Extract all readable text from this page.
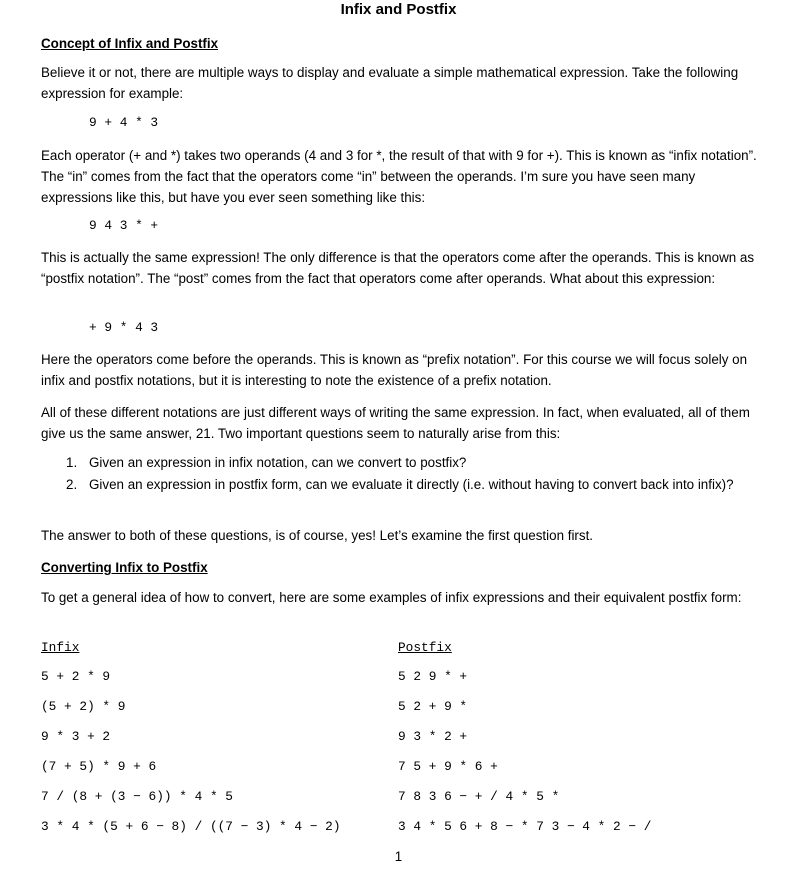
Infix and Postfix
Concept of Infix and Postfix
Believe it or not, there are multiple ways to display and evaluate a simple mathematical expression. Take the following expression for example:
9 + 4 * 3
Each operator (+ and *) takes two operands (4 and 3 for *, the result of that with 9 for +). This is known as “infix notation”. The “in” comes from the fact that the operators come “in” between the operands. I’m sure you have seen many expressions like this, but have you ever seen something like this:
9 4 3 * +
This is actually the same expression! The only difference is that the operators come after the operands. This is known as “postfix notation”. The “post” comes from the fact that operators come after operands. What about this expression:
+ 9 * 4 3
Here the operators come before the operands. This is known as “prefix notation”. For this course we will focus solely on infix and postfix notations, but it is interesting to note the existence of a prefix notation.
All of these different notations are just different ways of writing the same expression. In fact, when evaluated, all of them give us the same answer, 21. Two important questions seem to naturally arise from this:
1. Given an expression in infix notation, can we convert to postfix?
2. Given an expression in postfix form, can we evaluate it directly (i.e. without having to convert back into infix)?
The answer to both of these questions, is of course, yes! Let’s examine the first question first.
Converting Infix to Postfix
To get a general idea of how to convert, here are some examples of infix expressions and their equivalent postfix form:
Infix	Postfix
5 + 2 * 9	5 2 9 * +
(5 + 2) * 9	5 2 + 9 *
9 * 3 + 2	9 3 * 2 +
(7 + 5) * 9 + 6	7 5 + 9 * 6 +
7 / (8 + (3 − 6)) * 4 * 5	7 8 3 6 − + / 4 * 5 *
3 * 4 * (5 + 6 − 8) / ((7 − 3) * 4 − 2)	3 4 * 5 6 + 8 − * 7 3 − 4 * 2 − /
1
